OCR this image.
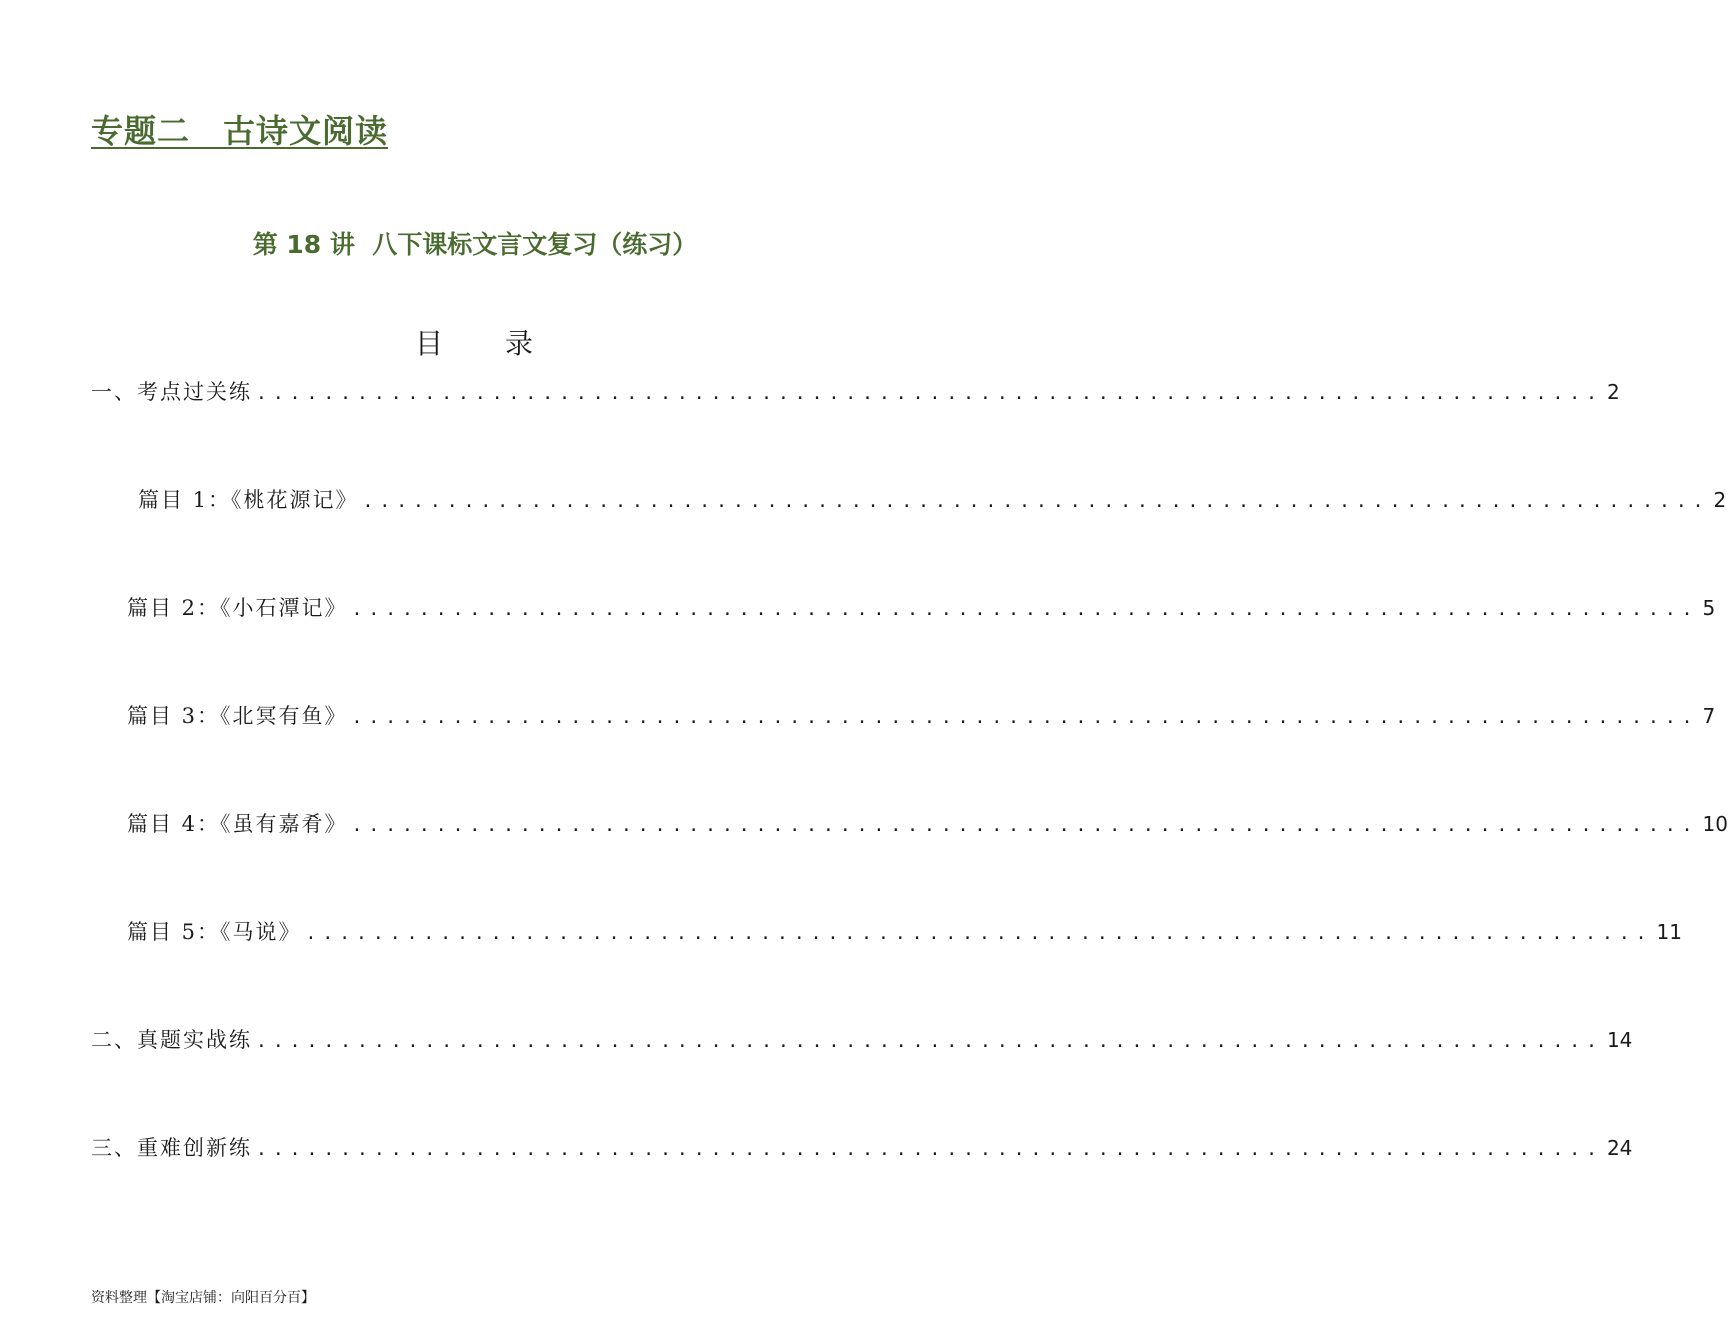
专题二　古诗文阅读
第 18 讲  八下课标文言文复习（练习）
目　　录
一、考点过关练 ................................................................................ 2
篇目 1：《桃花源记》 ................................................................................ 2
篇目 2：《小石潭记》 ................................................................................ 5
篇目 3：《北冥有鱼》 ................................................................................ 7
篇目 4：《虽有嘉肴》 ................................................................................ 10
篇目 5：《马说》 ................................................................................ 11
二、真题实战练 ................................................................................ 14
三、重难创新练 ................................................................................ 24
资料整理【淘宝店铺：向阳百分百】
